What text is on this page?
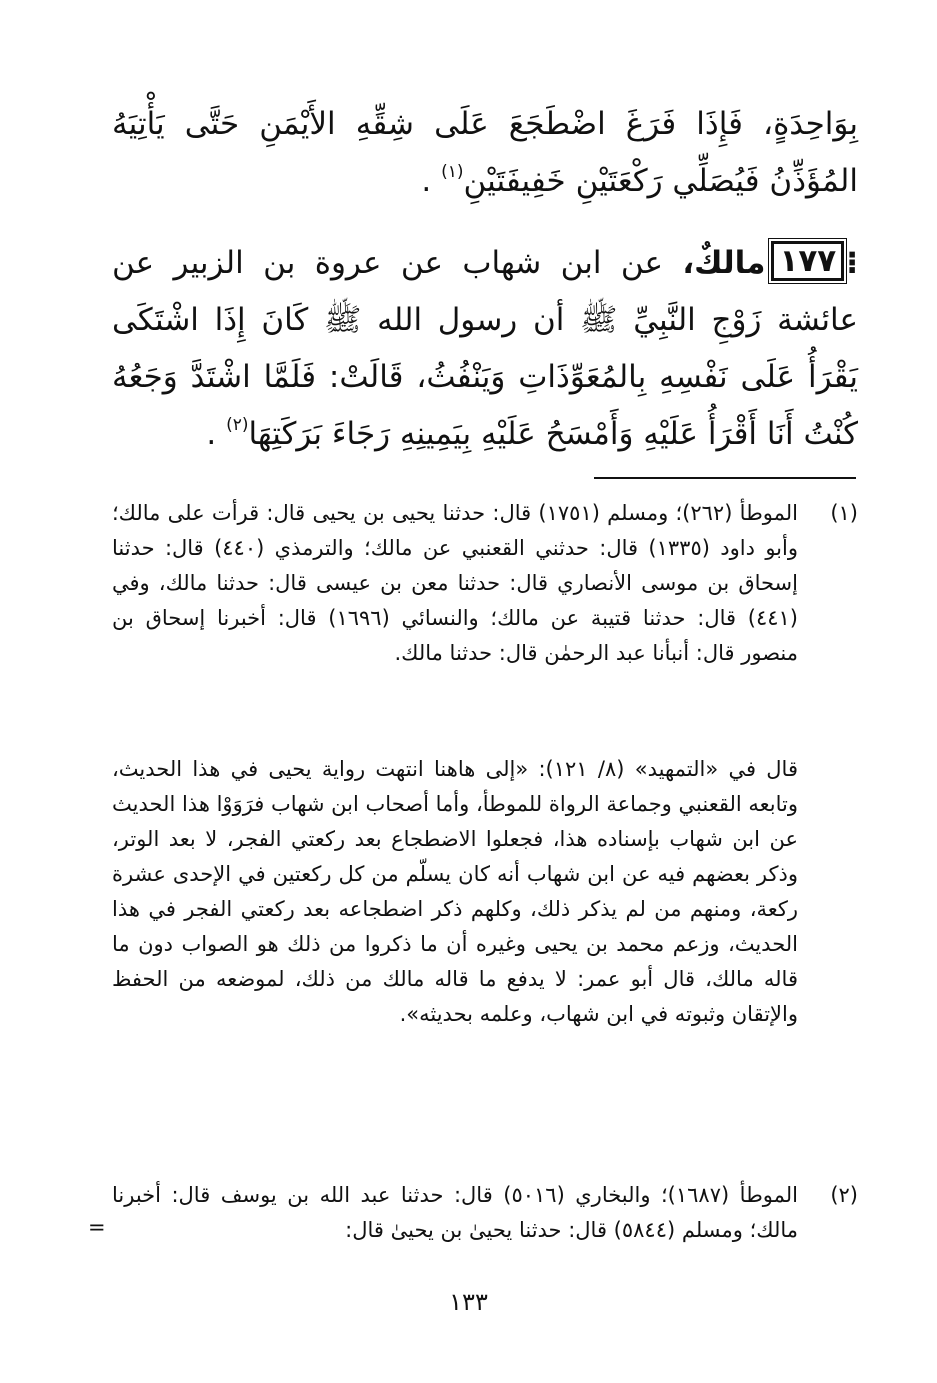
بِوَاحِدَةٍ، فَإِذَا فَرَغَ اضْطَجَعَ عَلَى شِقِّهِ الأَيْمَنِ حَتَّى يَأْتِيَهُ المُؤَذِّنُ فَيُصَلِّي رَكْعَتَيْنِ خَفِيفَتَيْنِ$^{(١)}$ .

⁝١٧٧مالكٌ، عن ابن شهاب عن عروة بن الزبير عن عائشة زَوْجِ النَّبِيِّ ﷺ أن رسول الله ﷺ كَانَ إِذَا اشْتَكَى يَقْرَأُ عَلَى نَفْسِهِ بِالمُعَوِّذَاتِ وَيَنْفُثُ، قَالَتْ: فَلَمَّا اشْتَدَّ وَجَعُهُ كُنْتُ أَنَا أَقْرَأُ عَلَيْهِ وَأَمْسَحُ عَلَيْهِ بِيَمِينِهِ رَجَاءَ بَرَكَتِهَا$^{(٢)}$ .

(١)

الموطأ (٢٦٢)؛ ومسلم (١٧٥١) قال: حدثنا يحيى بن يحيى قال: قرأت على مالك؛ وأبو داود (١٣٣٥) قال: حدثني القعنبي عن مالك؛ والترمذي (٤٤٠) قال: حدثنا إسحاق بن موسى الأنصاري قال: حدثنا معن بن عيسى قال: حدثنا مالك، وفي (٤٤١) قال: حدثنا قتيبة عن مالك؛ والنسائي (١٦٩٦) قال: أخبرنا إسحاق بن منصور قال: أنبأنا عبد الرحمٰن قال: حدثنا مالك.

قال في «التمهيد» (٨/ ١٢١): «إلى هاهنا انتهت رواية يحيى في هذا الحديث، وتابعه القعنبي وجماعة الرواة للموطأ، وأما أصحاب ابن شهاب فرَوَوْا هذا الحديث عن ابن شهاب بإسناده هذا، فجعلوا الاضطجاع بعد ركعتي الفجر، لا بعد الوتر، وذكر بعضهم فيه عن ابن شهاب أنه كان يسلّم من كل ركعتين في الإحدى عشرة ركعة، ومنهم من لم يذكر ذلك، وكلهم ذكر اضطجاعه بعد ركعتي الفجر في هذا الحديث، وزعم محمد بن يحيى وغيره أن ما ذكروا من ذلك هو الصواب دون ما قاله مالك، قال أبو عمر: لا يدفع ما قاله مالك من ذلك، لموضعه من الحفظ والإتقان وثبوته في ابن شهاب، وعلمه بحديثه».

(٢)

الموطأ (١٦٨٧)؛ والبخاري (٥٠١٦) قال: حدثنا عبد الله بن يوسف قال: أخبرنا مالك؛ ومسلم (٥٨٤٤) قال: حدثنا يحيىٰ بن يحيىٰ قال:

=
١٣٣
